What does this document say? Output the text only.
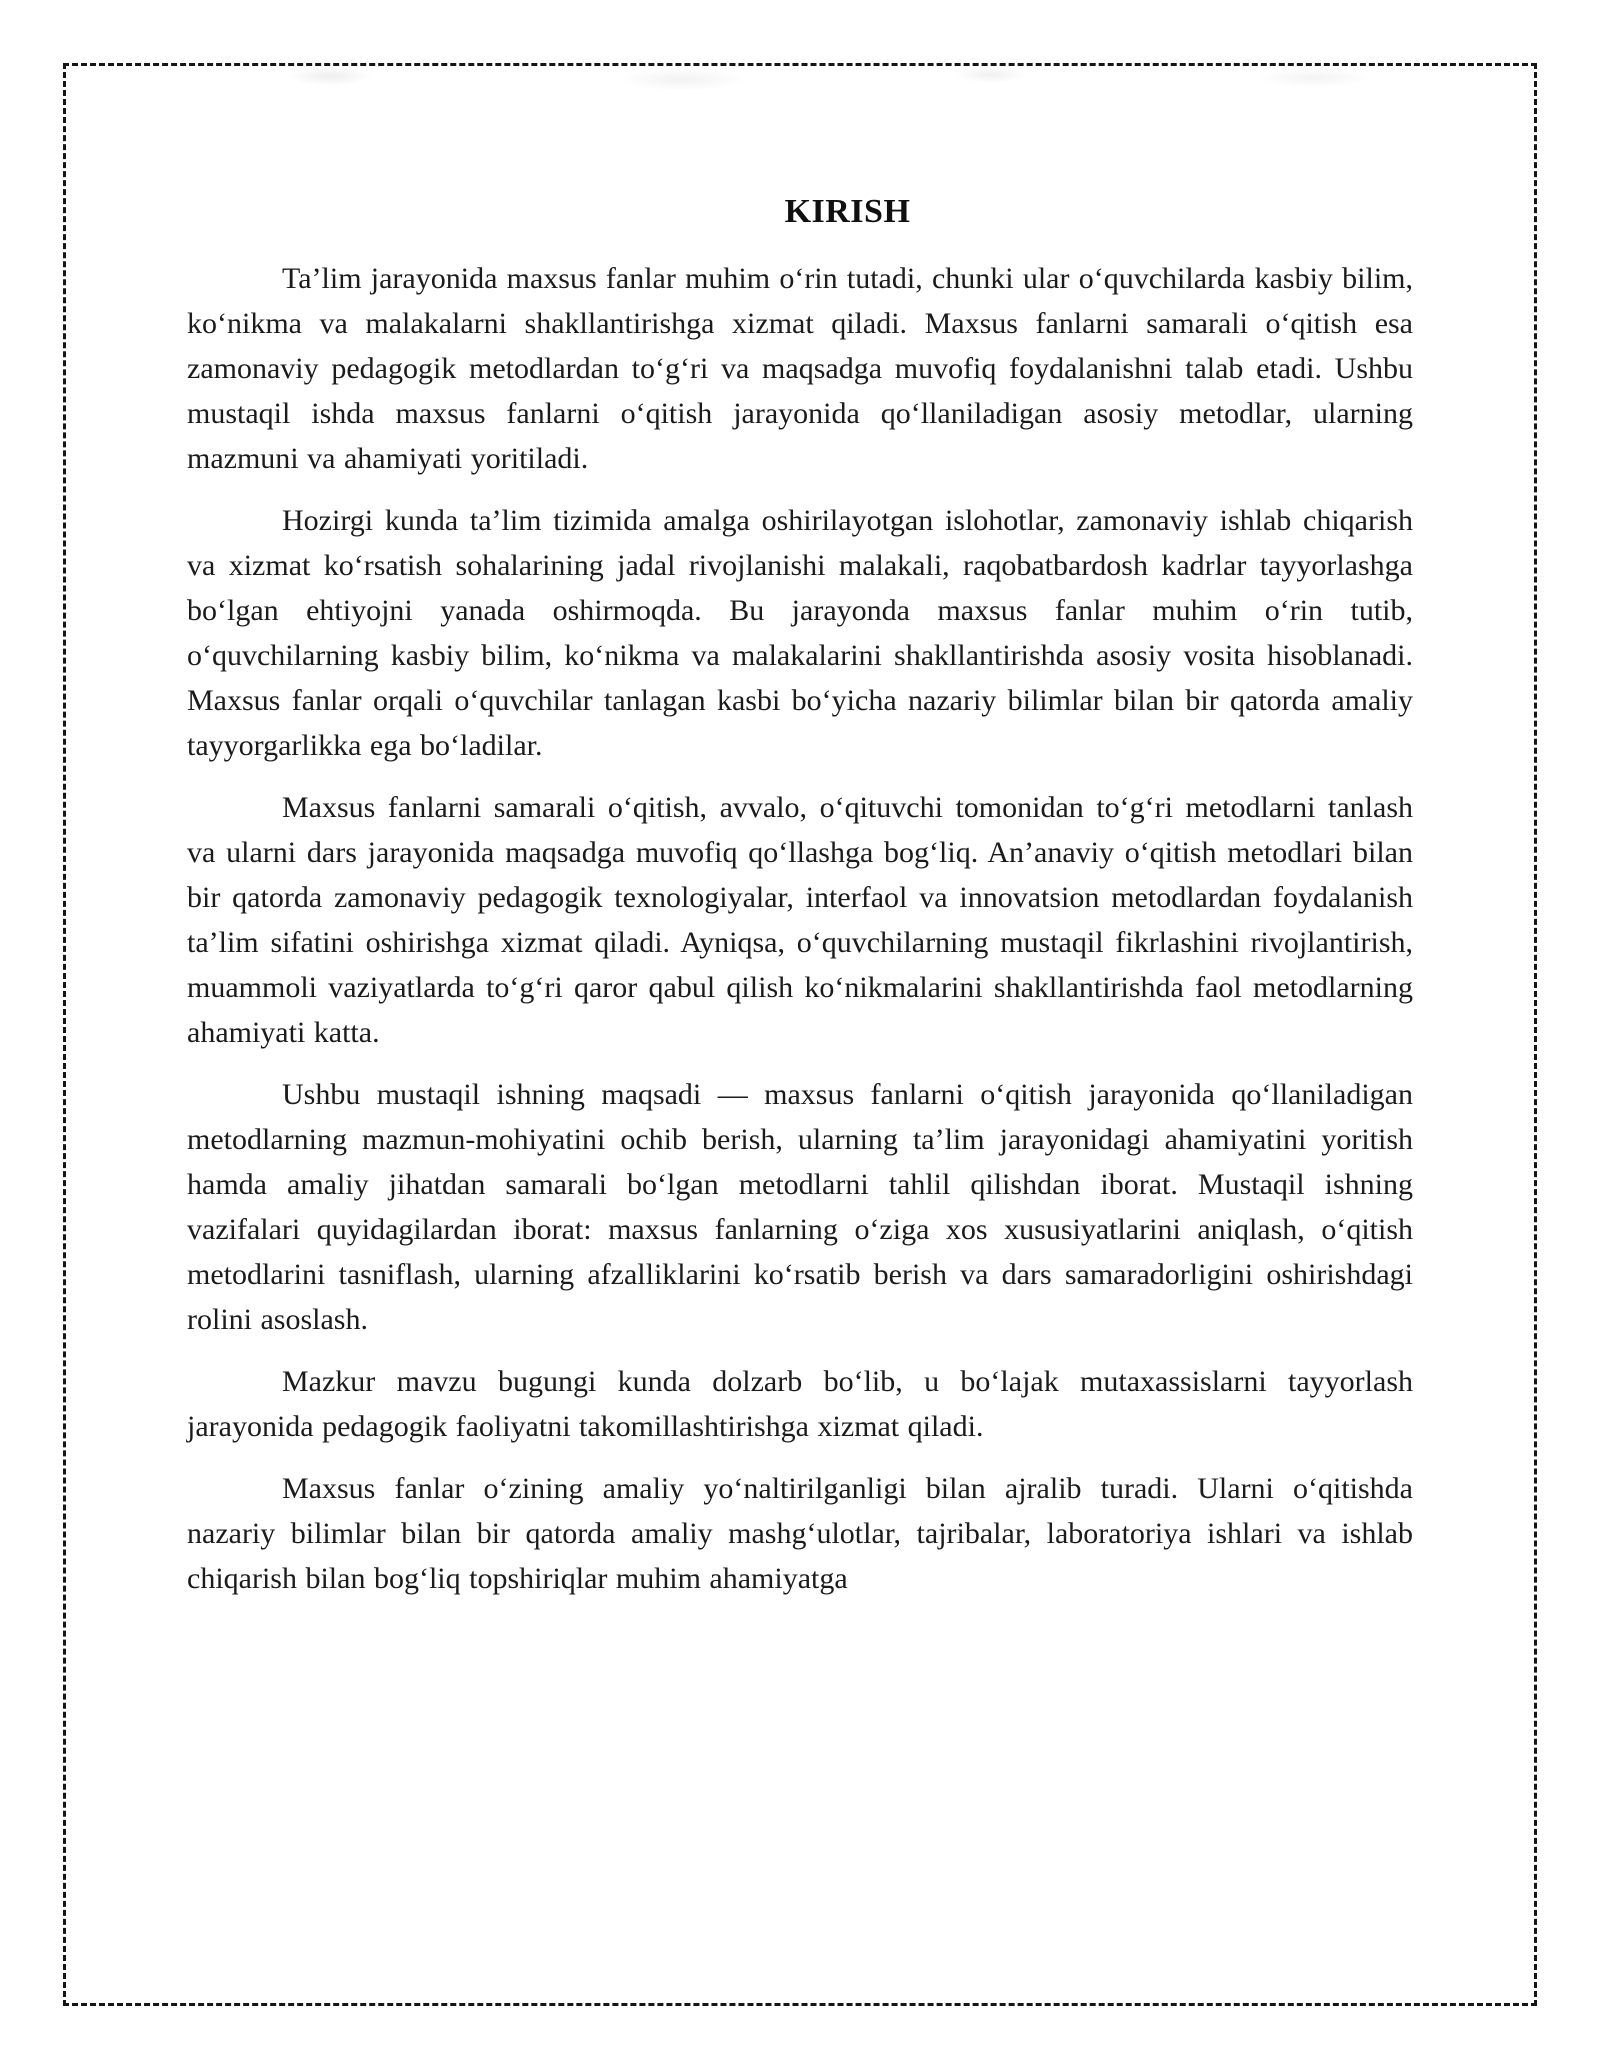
KIRISH

Ta’lim jarayonida maxsus fanlar muhim o‘rin tutadi, chunki ular o‘quvchilarda kasbiy bilim, ko‘nikma va malakalarni shakllantirishga xizmat qiladi. Maxsus fanlarni samarali o‘qitish esa zamonaviy pedagogik metodlardan to‘g‘ri va maqsadga muvofiq foydalanishni talab etadi. Ushbu mustaqil ishda maxsus fanlarni o‘qitish jarayonida qo‘llaniladigan asosiy metodlar, ularning mazmuni va ahamiyati yoritiladi.

Hozirgi kunda ta’lim tizimida amalga oshirilayotgan islohotlar, zamonaviy ishlab chiqarish va xizmat ko‘rsatish sohalarining jadal rivojlanishi malakali, raqobatbardosh kadrlar tayyorlashga bo‘lgan ehtiyojni yanada oshirmoqda. Bu jarayonda maxsus fanlar muhim o‘rin tutib, o‘quvchilarning kasbiy bilim, ko‘nikma va malakalarini shakllantirishda asosiy vosita hisoblanadi. Maxsus fanlar orqali o‘quvchilar tanlagan kasbi bo‘yicha nazariy bilimlar bilan bir qatorda amaliy tayyorgarlikka ega bo‘ladilar.

Maxsus fanlarni samarali o‘qitish, avvalo, o‘qituvchi tomonidan to‘g‘ri metodlarni tanlash va ularni dars jarayonida maqsadga muvofiq qo‘llashga bog‘liq. An’anaviy o‘qitish metodlari bilan bir qatorda zamonaviy pedagogik texnologiyalar, interfaol va innovatsion metodlardan foydalanish ta’lim sifatini oshirishga xizmat qiladi. Ayniqsa, o‘quvchilarning mustaqil fikrlashini rivojlantirish, muammoli vaziyatlarda to‘g‘ri qaror qabul qilish ko‘nikmalarini shakllantirishda faol metodlarning ahamiyati katta.

Ushbu mustaqil ishning maqsadi — maxsus fanlarni o‘qitish jarayonida qo‘llaniladigan metodlarning mazmun-mohiyatini ochib berish, ularning ta’lim jarayonidagi ahamiyatini yoritish hamda amaliy jihatdan samarali bo‘lgan metodlarni tahlil qilishdan iborat. Mustaqil ishning vazifalari quyidagilardan iborat: maxsus fanlarning o‘ziga xos xususiyatlarini aniqlash, o‘qitish metodlarini tasniflash, ularning afzalliklarini ko‘rsatib berish va dars samaradorligini oshirishdagi rolini asoslash.

Mazkur mavzu bugungi kunda dolzarb bo‘lib, u bo‘lajak mutaxassislarni tayyorlash jarayonida pedagogik faoliyatni takomillashtirishga xizmat qiladi.

Maxsus fanlar o‘zining amaliy yo‘naltirilganligi bilan ajralib turadi. Ularni o‘qitishda nazariy bilimlar bilan bir qatorda amaliy mashg‘ulotlar, tajribalar, laboratoriya ishlari va ishlab chiqarish bilan bog‘liq topshiriqlar muhim ahamiyatga
